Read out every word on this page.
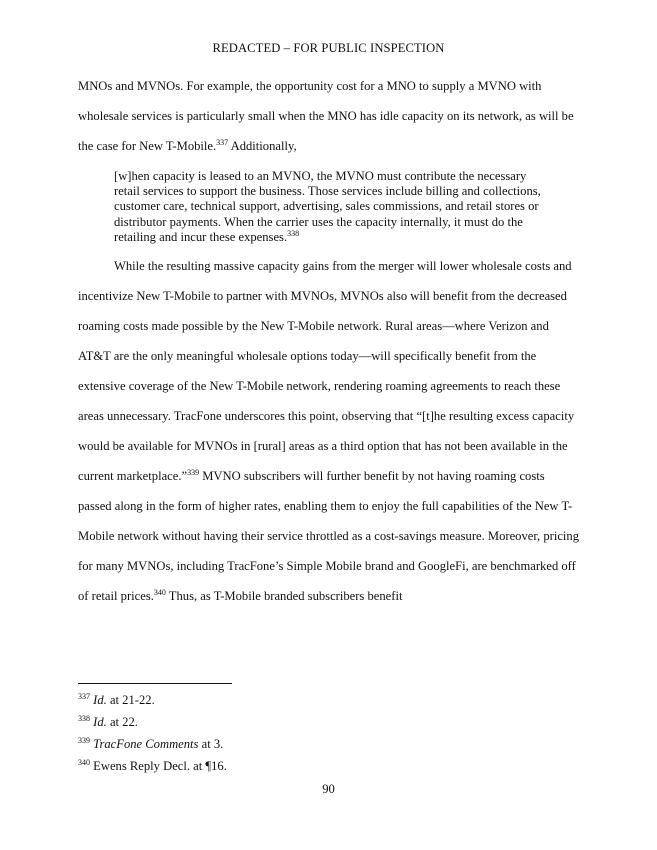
REDACTED – FOR PUBLIC INSPECTION

MNOs and MVNOs. For example, the opportunity cost for a MNO to supply a MVNO with wholesale services is particularly small when the MNO has idle capacity on its network, as will be the case for New T-Mobile.$^{337}$ Additionally,

[w]hen capacity is leased to an MVNO, the MVNO must contribute the necessary retail services to support the business. Those services include billing and collections, customer care, technical support, advertising, sales commissions, and retail stores or distributor payments. When the carrier uses the capacity internally, it must do the retailing and incur these expenses.$^{338}$

While the resulting massive capacity gains from the merger will lower wholesale costs and incentivize New T-Mobile to partner with MVNOs, MVNOs also will benefit from the decreased roaming costs made possible by the New T-Mobile network. Rural areas—where Verizon and AT&T are the only meaningful wholesale options today—will specifically benefit from the extensive coverage of the New T-Mobile network, rendering roaming agreements to reach these areas unnecessary. TracFone underscores this point, observing that “[t]he resulting excess capacity would be available for MVNOs in [rural] areas as a third option that has not been available in the current marketplace.”$^{339}$ MVNO subscribers will further benefit by not having roaming costs passed along in the form of higher rates, enabling them to enjoy the full capabilities of the New T-Mobile network without having their service throttled as a cost-savings measure. Moreover, pricing for many MVNOs, including TracFone’s Simple Mobile brand and GoogleFi, are benchmarked off of retail prices.$^{340}$ Thus, as T-Mobile branded subscribers benefit

$^{337}$ Id. at 21-22.

$^{338}$ Id. at 22.

$^{339}$ TracFone Comments at 3.

$^{340}$ Ewens Reply Decl. at ¶16.

90
